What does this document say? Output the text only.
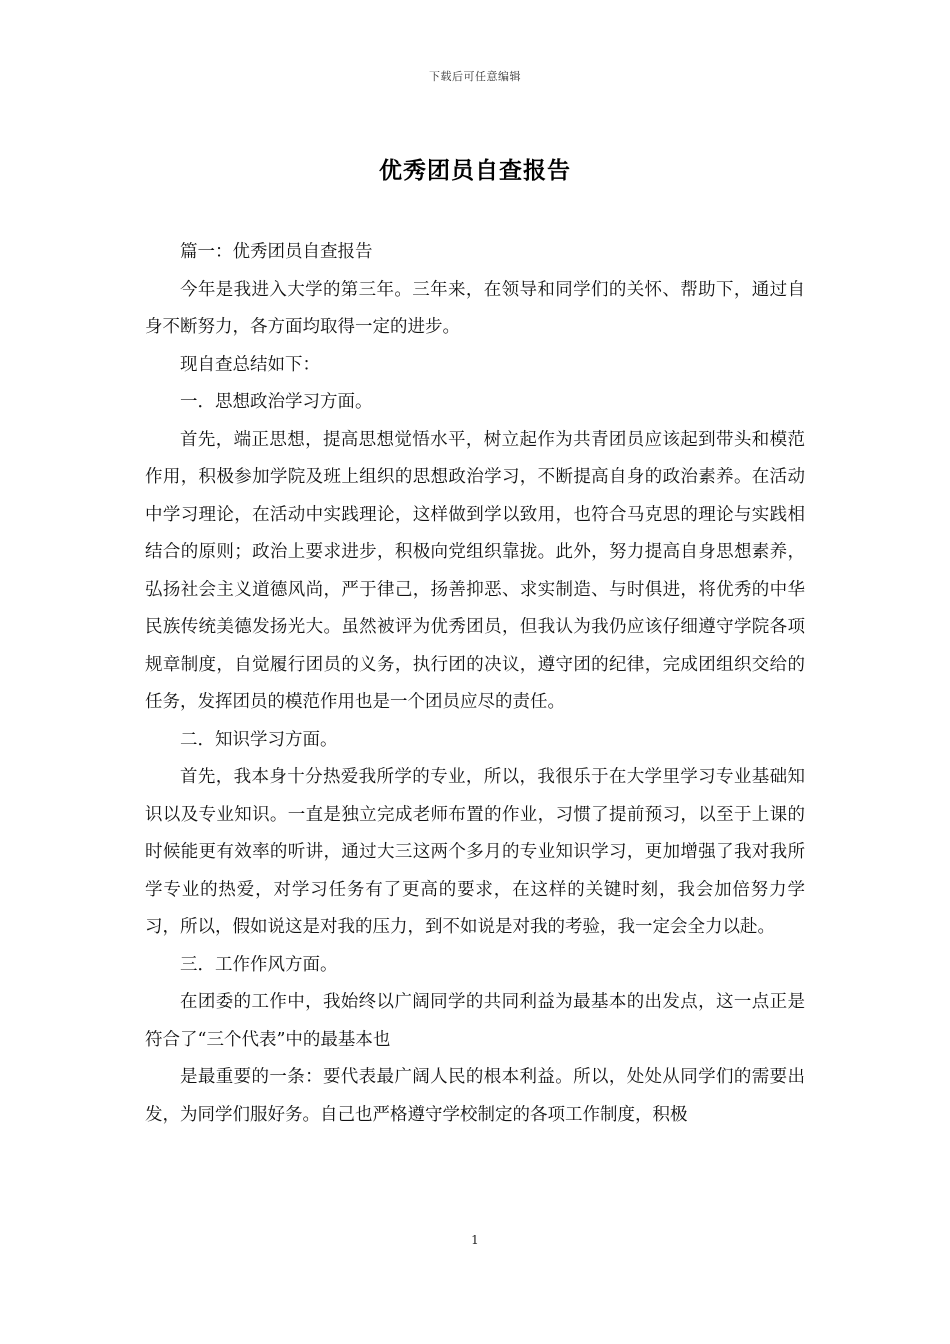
下载后可任意编辑
优秀团员自查报告

篇一：优秀团员自查报告

今年是我进入大学的第三年。三年来，在领导和同学们的关怀、帮助下，通过自身不断努力，各方面均取得一定的进步。

现自查总结如下：

一．思想政治学习方面。

首先，端正思想，提高思想觉悟水平，树立起作为共青团员应该起到带头和模范作用，积极参加学院及班上组织的思想政治学习，不断提高自身的政治素养。在活动中学习理论，在活动中实践理论，这样做到学以致用，也符合马克思的理论与实践相结合的原则；政治上要求进步，积极向党组织靠拢。此外，努力提高自身思想素养，弘扬社会主义道德风尚，严于律己，扬善抑恶、求实制造、与时俱进，将优秀的中华民族传统美德发扬光大。虽然被评为优秀团员，但我认为我仍应该仔细遵守学院各项规章制度，自觉履行团员的义务，执行团的决议，遵守团的纪律，完成团组织交给的任务，发挥团员的模范作用也是一个团员应尽的责任。

二．知识学习方面。

首先，我本身十分热爱我所学的专业，所以，我很乐于在大学里学习专业基础知识以及专业知识。一直是独立完成老师布置的作业，习惯了提前预习，以至于上课的时候能更有效率的听讲，通过大三这两个多月的专业知识学习，更加增强了我对我所学专业的热爱，对学习任务有了更高的要求，在这样的关键时刻，我会加倍努力学习，所以，假如说这是对我的压力，到不如说是对我的考验，我一定会全力以赴。

三．工作作风方面。

在团委的工作中，我始终以广阔同学的共同利益为最基本的出发点，这一点正是符合了“三个代表”中的最基本也

是最重要的一条：要代表最广阔人民的根本利益。所以，处处从同学们的需要出发，为同学们服好务。自己也严格遵守学校制定的各项工作制度，积极

1
